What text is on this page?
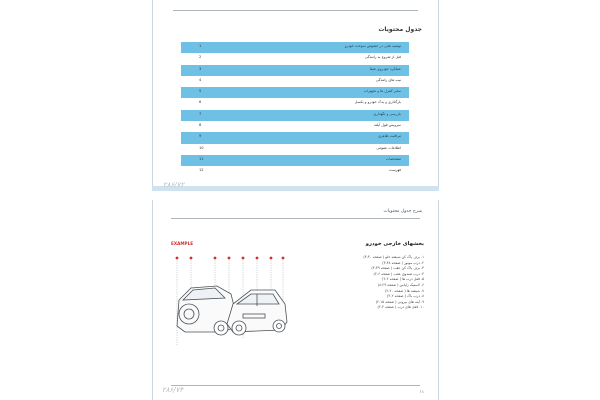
جدول محتویات
توصیه هایی در خصوص سوخت خودرو
1
قبل از شروع به رانندگی
2
عملکرد خودروی شما
3
نیب های رانندگی
4
سایر کنترل ها و تجهیزات
5
بارگذاری و یدک خودرو و بکسل
6
بازرسی و نگهداری
7
سرویس فول آپلند
8
مراقبت ظاهری
9
اطلاعات عمومی
10
مشخصات
11
فهرست
12
۲۸۶/۷۲
شرح جدول محتویات
EXAMPLE	بخشهای خارجی خودرو
۱. برف پاک کن شیشه جلو ( صفحه ۳۰-۳)
۲. درب موتور ( صفحه ۳۸-۳)
۳. برف پاک کن عقب ( صفحه ۳۹-۳)
۴. درب صندوق عقب ( صفحه ۶-۲)
۵. قفل درب ها ( صفحه ۲-۲)
۶. لاستیک زاپاس ( صفحه ۲۹-۸)
۷. شیشه ها ( صفحه ۲۰-۲)
۸. درب باک ( صفحه ۲-۳)
۹. آینه های بیرونی ( صفحه ۱۵-۲)
۱۰. قفل های درب ( صفحه ۴-۲)
۱۱
۲۸۶/۷۴
